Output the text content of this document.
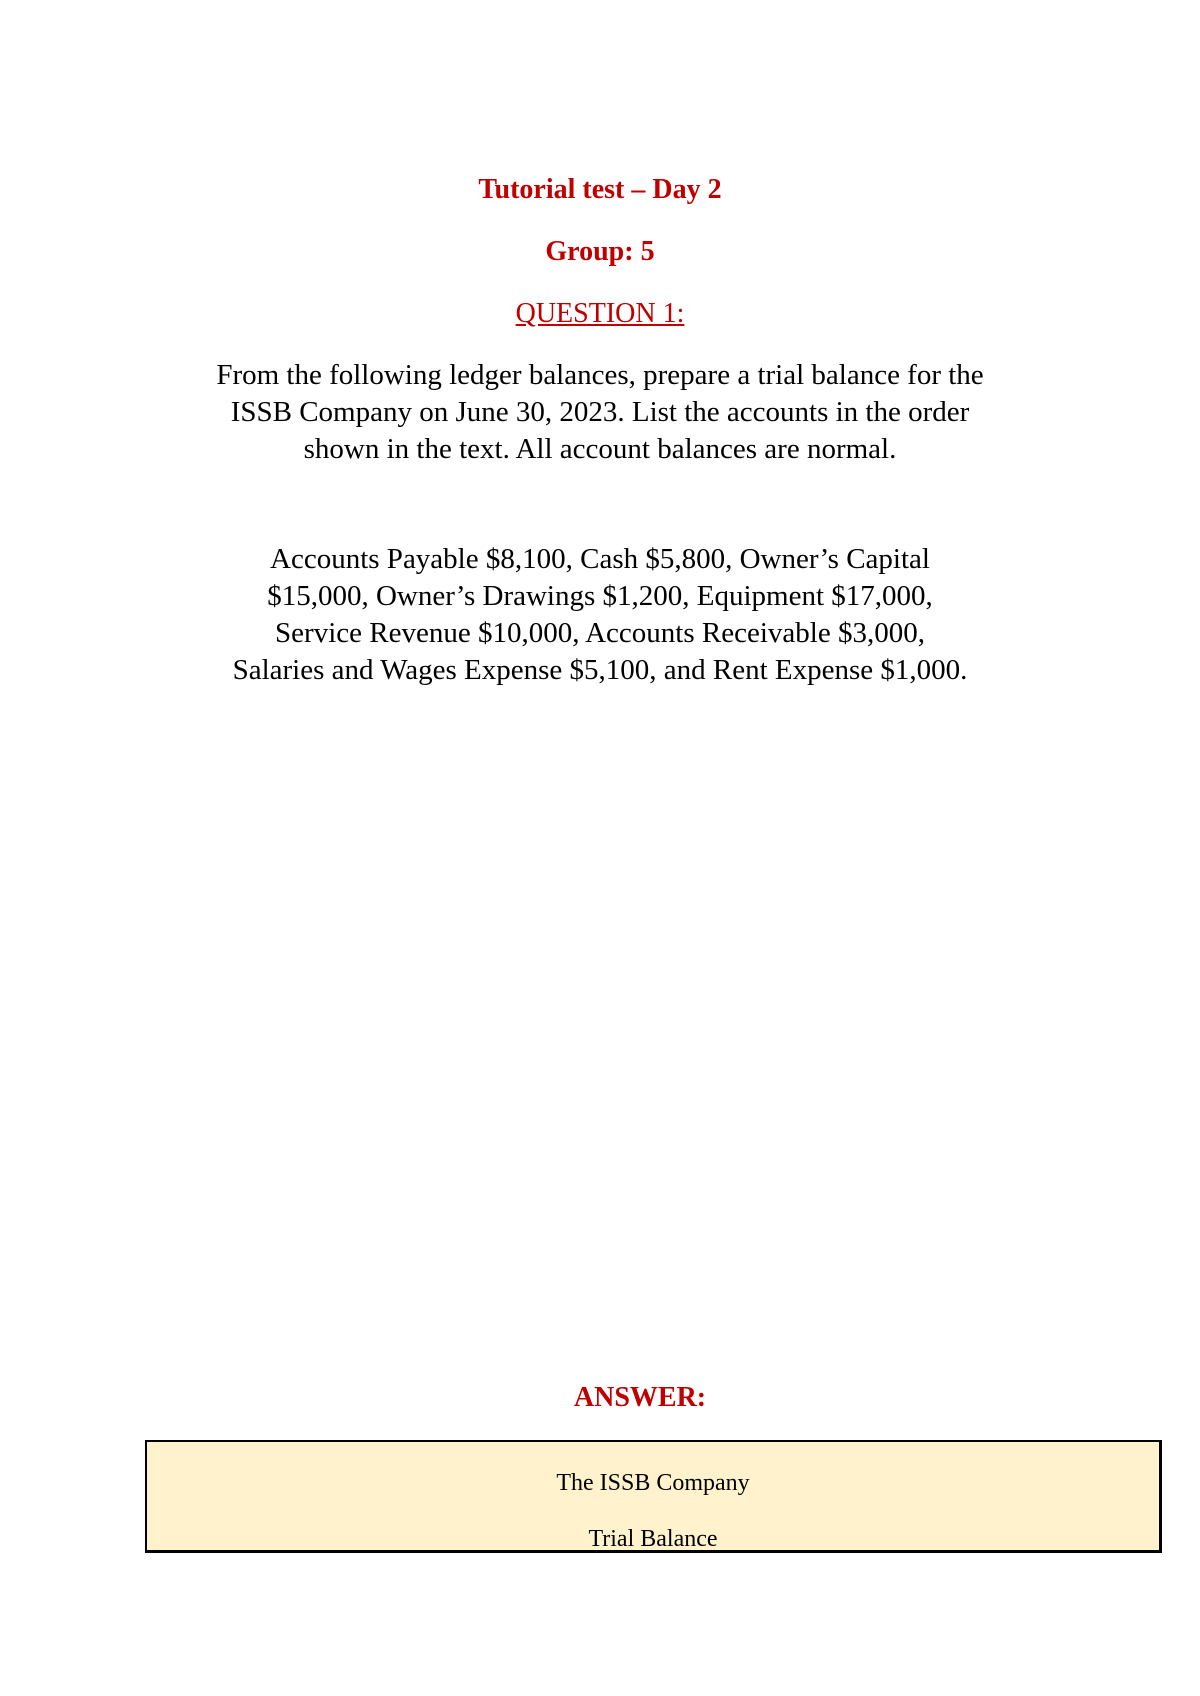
Tutorial test – Day 2
Group: 5
QUESTION 1:
From the following ledger balances, prepare a trial balance for the
ISSB Company on June 30, 2023. List the accounts in the order
shown in the text. All account balances are normal.
Accounts Payable $8,100, Cash $5,800, Owner’s Capital
$15,000, Owner’s Drawings $1,200, Equipment $17,000,
Service Revenue $10,000, Accounts Receivable $3,000,
Salaries and Wages Expense $5,100, and Rent Expense $1,000.
ANSWER:
The ISSB Company
Trial Balance
